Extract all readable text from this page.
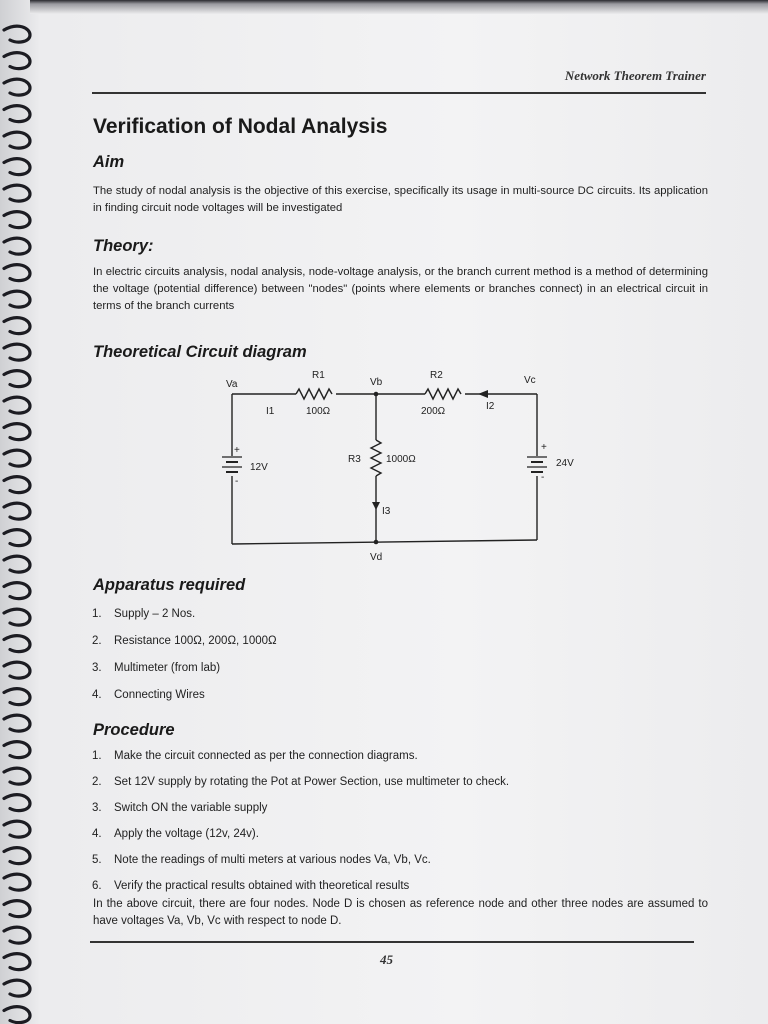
Network Theorem Trainer
Verification of Nodal Analysis
Aim
The study of nodal analysis is the objective of this exercise, specifically its usage in multi-source DC circuits. Its application in finding circuit node voltages will be investigated
Theory:
In electric circuits analysis, nodal analysis, node-voltage analysis, or the branch current method is a method of determining the voltage (potential difference) between "nodes" (points where elements or branches connect) in an electrical circuit in terms of the branch currents
Theoretical Circuit diagram
Va
R1
Vb
R2	Vc
I1	100Ω	200Ω	I2
R3	1000Ω
I3
Vd
12V	24V
+
-
+
-
Apparatus required
1.	Supply – 2 Nos.
2.	Resistance 100Ω, 200Ω, 1000Ω
3.	Multimeter (from lab)
4.	Connecting Wires
Procedure
1.	Make the circuit connected as per the connection diagrams.
2.	Set 12V supply by rotating the Pot at Power Section, use multimeter to check.
3.	Switch ON the variable supply
4.	Apply the voltage (12v, 24v).
5.	Note the readings of multi meters at various nodes Va, Vb, Vc.
6.	Verify the practical results obtained with theoretical results
In the above circuit, there are four nodes. Node D is chosen as reference node and other three nodes are assumed to have voltages Va, Vb, Vc with respect to node D.
45
